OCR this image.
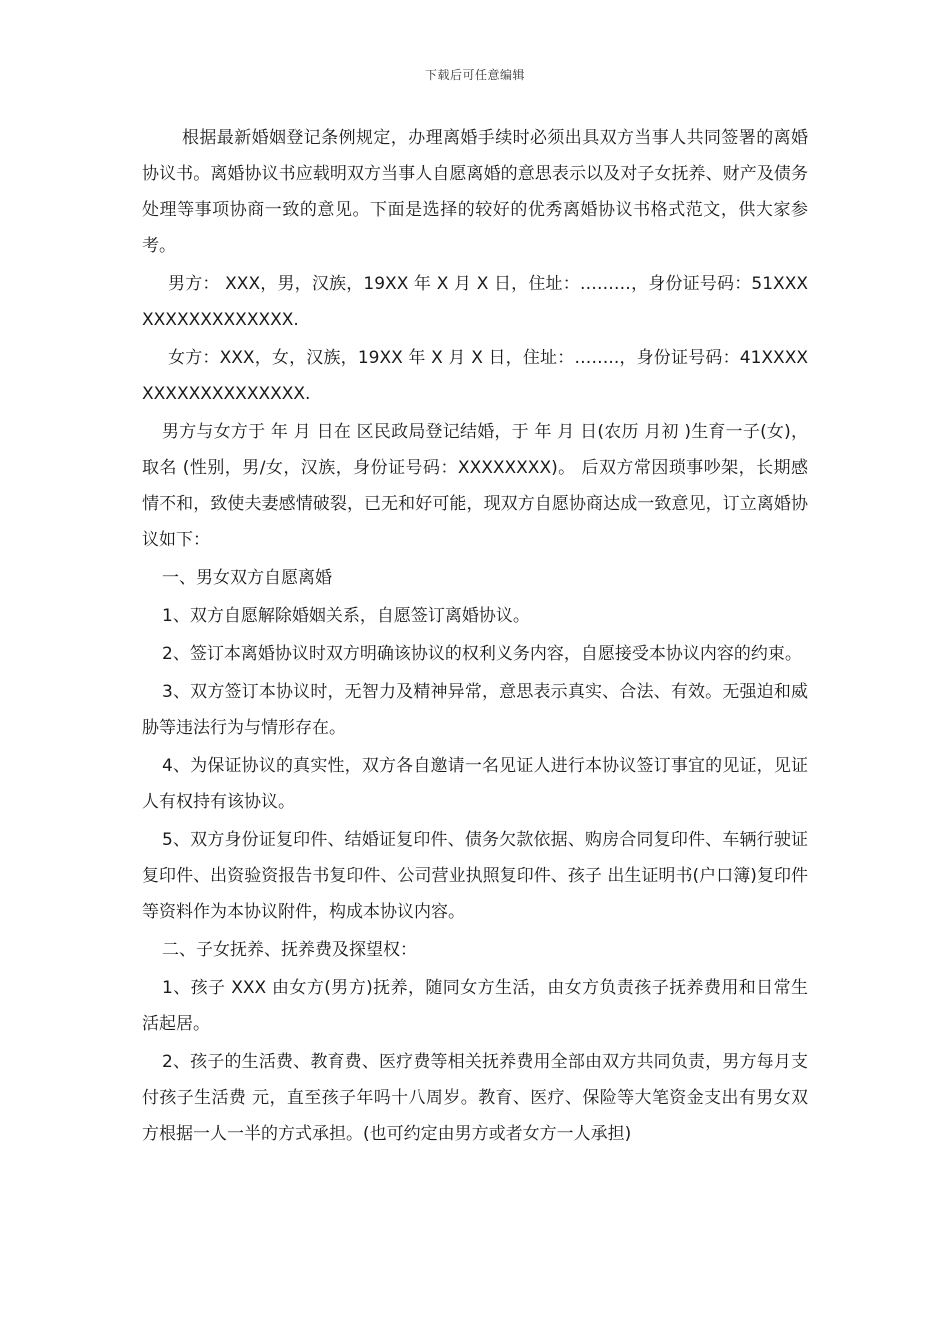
下载后可任意编辑

根据最新婚姻登记条例规定，办理离婚手续时必须出具双方当事人共同签署的离婚协议书。离婚协议书应载明双方当事人自愿离婚的意思表示以及对子女抚养、财产及债务处理等事项协商一致的意见。下面是选择的较好的优秀离婚协议书格式范文，供大家参考。

男方： XXX，男，汉族，19XX 年 X 月 X 日，住址：………，身份证号码：51XXXXXXXXXXXXXXXX.

女方：XXX，女，汉族，19XX 年 X 月 X 日，住址：……..，身份证号码：41XXXXXXXXXXXXXXXXXX.

男方与女方于 年 月 日在 区民政局登记结婚，于 年 月 日(农历 月初 )生育一子(女)，取名 (性别，男/女，汉族，身份证号码：XXXXXXXX)。 后双方常因琐事吵架，长期感情不和，致使夫妻感情破裂，已无和好可能，现双方自愿协商达成一致意见，订立离婚协议如下：

一、男女双方自愿离婚

1、双方自愿解除婚姻关系，自愿签订离婚协议。

2、签订本离婚协议时双方明确该协议的权利义务内容，自愿接受本协议内容的约束。

3、双方签订本协议时，无智力及精神异常，意思表示真实、合法、有效。无强迫和威胁等违法行为与情形存在。

4、为保证协议的真实性，双方各自邀请一名见证人进行本协议签订事宜的见证，见证人有权持有该协议。

5、双方身份证复印件、结婚证复印件、债务欠款依据、购房合同复印件、车辆行驶证复印件、出资验资报告书复印件、公司营业执照复印件、孩子 出生证明书(户口簿)复印件等资料作为本协议附件，构成本协议内容。

二、子女抚养、抚养费及探望权：

1、孩子 XXX 由女方(男方)抚养，随同女方生活，由女方负责孩子抚养费用和日常生活起居。

2、孩子的生活费、教育费、医疗费等相关抚养费用全部由双方共同负责，男方每月支付孩子生活费 元，直至孩子年吗十八周岁。教育、医疗、保险等大笔资金支出有男女双方根据一人一半的方式承担。(也可约定由男方或者女方一人承担)
